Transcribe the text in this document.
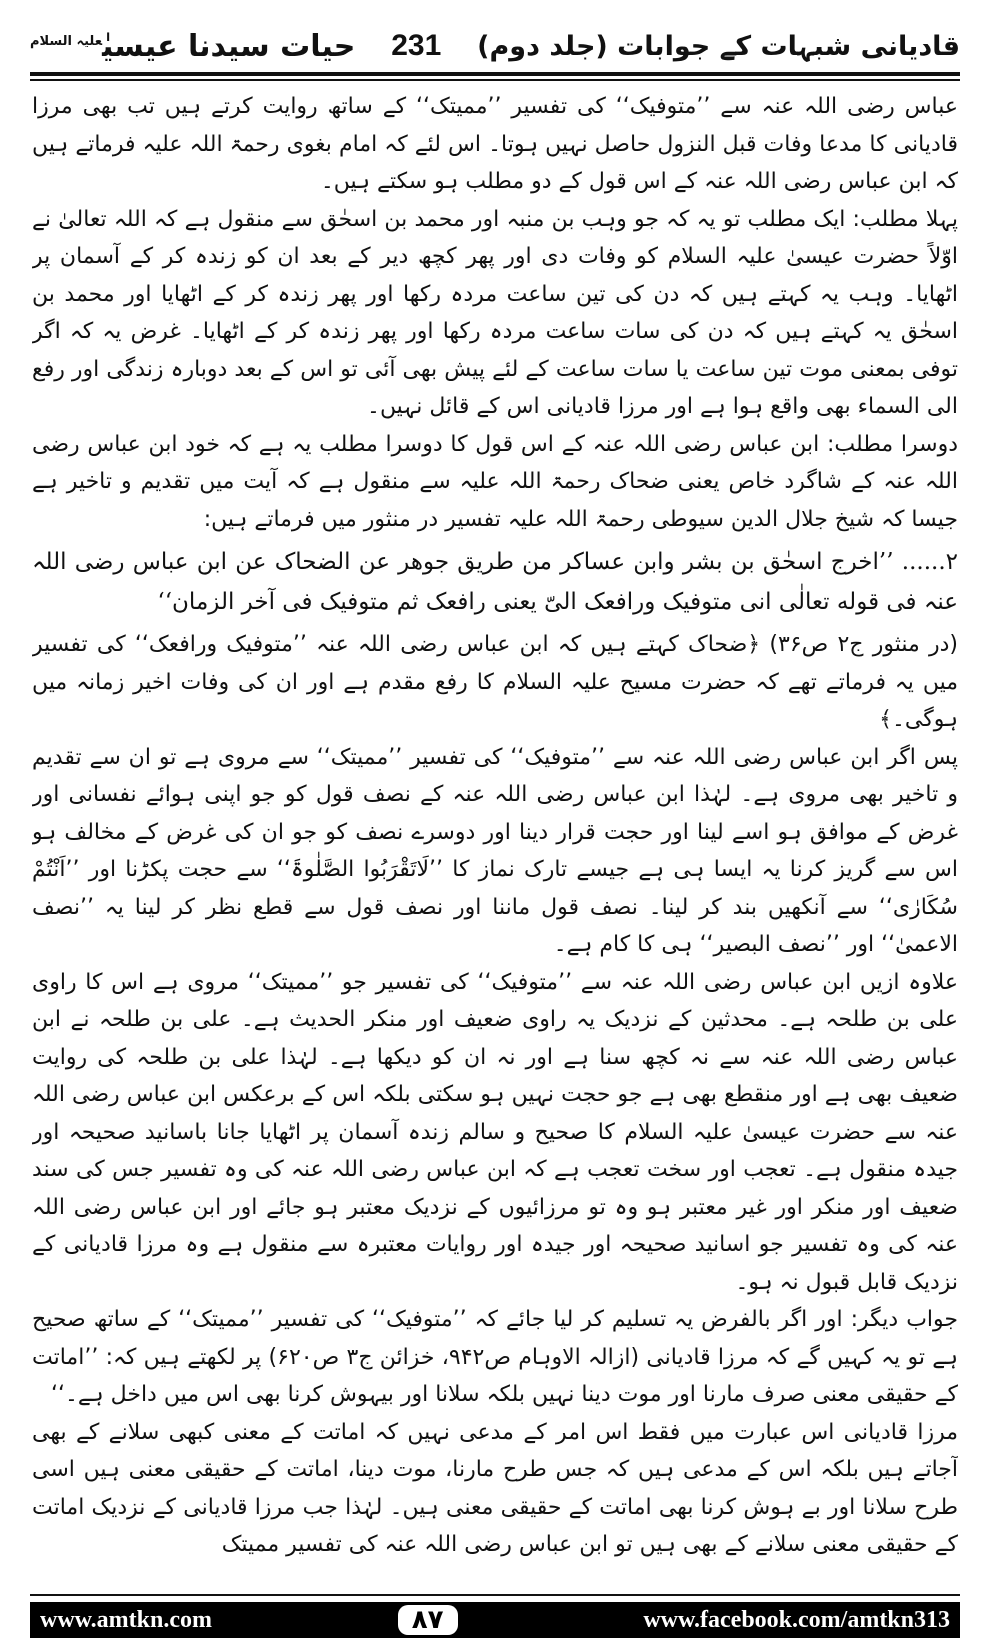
قادیانی شبہات کے جوابات (جلد دوم)
231
حیات سیدنا عیسیٰ$^{علیہ السلام}$

عباس رضی اللہ عنہ سے ’’متوفیک‘‘ کی تفسیر ’’ممیتک‘‘ کے ساتھ روایت کرتے ہیں تب بھی مرزا قادیانی کا مدعا وفات قبل النزول حاصل نہیں ہوتا۔ اس لئے کہ امام بغوی رحمۃ اللہ علیہ فرماتے ہیں کہ ابن عباس رضی اللہ عنہ کے اس قول کے دو مطلب ہو سکتے ہیں۔

پہلا مطلب: ایک مطلب تو یہ کہ جو وہب بن منبہ اور محمد بن اسحٰق سے منقول ہے کہ اللہ تعالیٰ نے اوّلاً حضرت عیسیٰ علیہ السلام کو وفات دی اور پھر کچھ دیر کے بعد ان کو زندہ کر کے آسمان پر اٹھایا۔ وہب یہ کہتے ہیں کہ دن کی تین ساعت مردہ رکھا اور پھر زندہ کر کے اٹھایا اور محمد بن اسحٰق یہ کہتے ہیں کہ دن کی سات ساعت مردہ رکھا اور پھر زندہ کر کے اٹھایا۔ غرض یہ کہ اگر توفی بمعنی موت تین ساعت یا سات ساعت کے لئے پیش بھی آئی تو اس کے بعد دوبارہ زندگی اور رفع الی السماء بھی واقع ہوا ہے اور مرزا قادیانی اس کے قائل نہیں۔

دوسرا مطلب: ابن عباس رضی اللہ عنہ کے اس قول کا دوسرا مطلب یہ ہے کہ خود ابن عباس رضی اللہ عنہ کے شاگرد خاص یعنی ضحاک رحمۃ اللہ علیہ سے منقول ہے کہ آیت میں تقدیم و تاخیر ہے جیسا کہ شیخ جلال الدین سیوطی رحمۃ اللہ علیہ تفسیر در منثور میں فرماتے ہیں:

۲...... ’’اخرج اسحٰق بن بشر وابن عساکر من طریق جوهر عن الضحاک عن ابن عباس رضی اللہ عنہ فی قوله تعالٰی انی متوفیک ورافعک الیّ یعنی رافعک ثم متوفیک فی آخر الزمان‘‘

(در منثور ج۲ ص۳۶) ﴿ضحاک کہتے ہیں کہ ابن عباس رضی اللہ عنہ ’’متوفیک ورافعک‘‘ کی تفسیر میں یہ فرماتے تھے کہ حضرت مسیح علیہ السلام کا رفع مقدم ہے اور ان کی وفات اخیر زمانہ میں ہوگی۔﴾

پس اگر ابن عباس رضی اللہ عنہ سے ’’متوفیک‘‘ کی تفسیر ’’ممیتک‘‘ سے مروی ہے تو ان سے تقدیم و تاخیر بھی مروی ہے۔ لہٰذا ابن عباس رضی اللہ عنہ کے نصف قول کو جو اپنی ہوائے نفسانی اور غرض کے موافق ہو اسے لینا اور حجت قرار دینا اور دوسرے نصف کو جو ان کی غرض کے مخالف ہو اس سے گریز کرنا یہ ایسا ہی ہے جیسے تارک نماز کا ’’لَاتَقْرَبُوا الصَّلٰوۃَ‘‘ سے حجت پکڑنا اور ’’اَنْتُمْ سُکَارٰی‘‘ سے آنکھیں بند کر لینا۔ نصف قول ماننا اور نصف قول سے قطع نظر کر لینا یہ ’’نصف الاعمیٰ‘‘ اور ’’نصف البصیر‘‘ ہی کا کام ہے۔

علاوہ ازیں ابن عباس رضی اللہ عنہ سے ’’متوفیک‘‘ کی تفسیر جو ’’ممیتک‘‘ مروی ہے اس کا راوی علی بن طلحہ ہے۔ محدثین کے نزدیک یہ راوی ضعیف اور منکر الحدیث ہے۔ علی بن طلحہ نے ابن عباس رضی اللہ عنہ سے نہ کچھ سنا ہے اور نہ ان کو دیکھا ہے۔ لہٰذا علی بن طلحہ کی روایت ضعیف بھی ہے اور منقطع بھی ہے جو حجت نہیں ہو سکتی بلکہ اس کے برعکس ابن عباس رضی اللہ عنہ سے حضرت عیسیٰ علیہ السلام کا صحیح و سالم زندہ آسمان پر اٹھایا جانا باسانید صحیحہ اور جیدہ منقول ہے۔ تعجب اور سخت تعجب ہے کہ ابن عباس رضی اللہ عنہ کی وہ تفسیر جس کی سند ضعیف اور منکر اور غیر معتبر ہو وہ تو مرزائیوں کے نزدیک معتبر ہو جائے اور ابن عباس رضی اللہ عنہ کی وہ تفسیر جو اسانید صحیحہ اور جیدہ اور روایات معتبرہ سے منقول ہے وہ مرزا قادیانی کے نزدیک قابل قبول نہ ہو۔

جواب دیگر: اور اگر بالفرض یہ تسلیم کر لیا جائے کہ ’’متوفیک‘‘ کی تفسیر ’’ممیتک‘‘ کے ساتھ صحیح ہے تو یہ کہیں گے کہ مرزا قادیانی (ازالہ الاوہام ص۹۴۲، خزائن ج۳ ص۶۲۰) پر لکھتے ہیں کہ: ’’اماتت کے حقیقی معنی صرف مارنا اور موت دینا نہیں بلکہ سلانا اور بیہوش کرنا بھی اس میں داخل ہے۔‘‘

مرزا قادیانی اس عبارت میں فقط اس امر کے مدعی نہیں کہ اماتت کے معنی کبھی سلانے کے بھی آجاتے ہیں بلکہ اس کے مدعی ہیں کہ جس طرح مارنا، موت دینا، اماتت کے حقیقی معنی ہیں اسی طرح سلانا اور بے ہوش کرنا بھی اماتت کے حقیقی معنی ہیں۔ لہٰذا جب مرزا قادیانی کے نزدیک اماتت کے حقیقی معنی سلانے کے بھی ہیں تو ابن عباس رضی اللہ عنہ کی تفسیر ممیتک

www.amtkn.com	۸۷	www.facebook.com/amtkn313
